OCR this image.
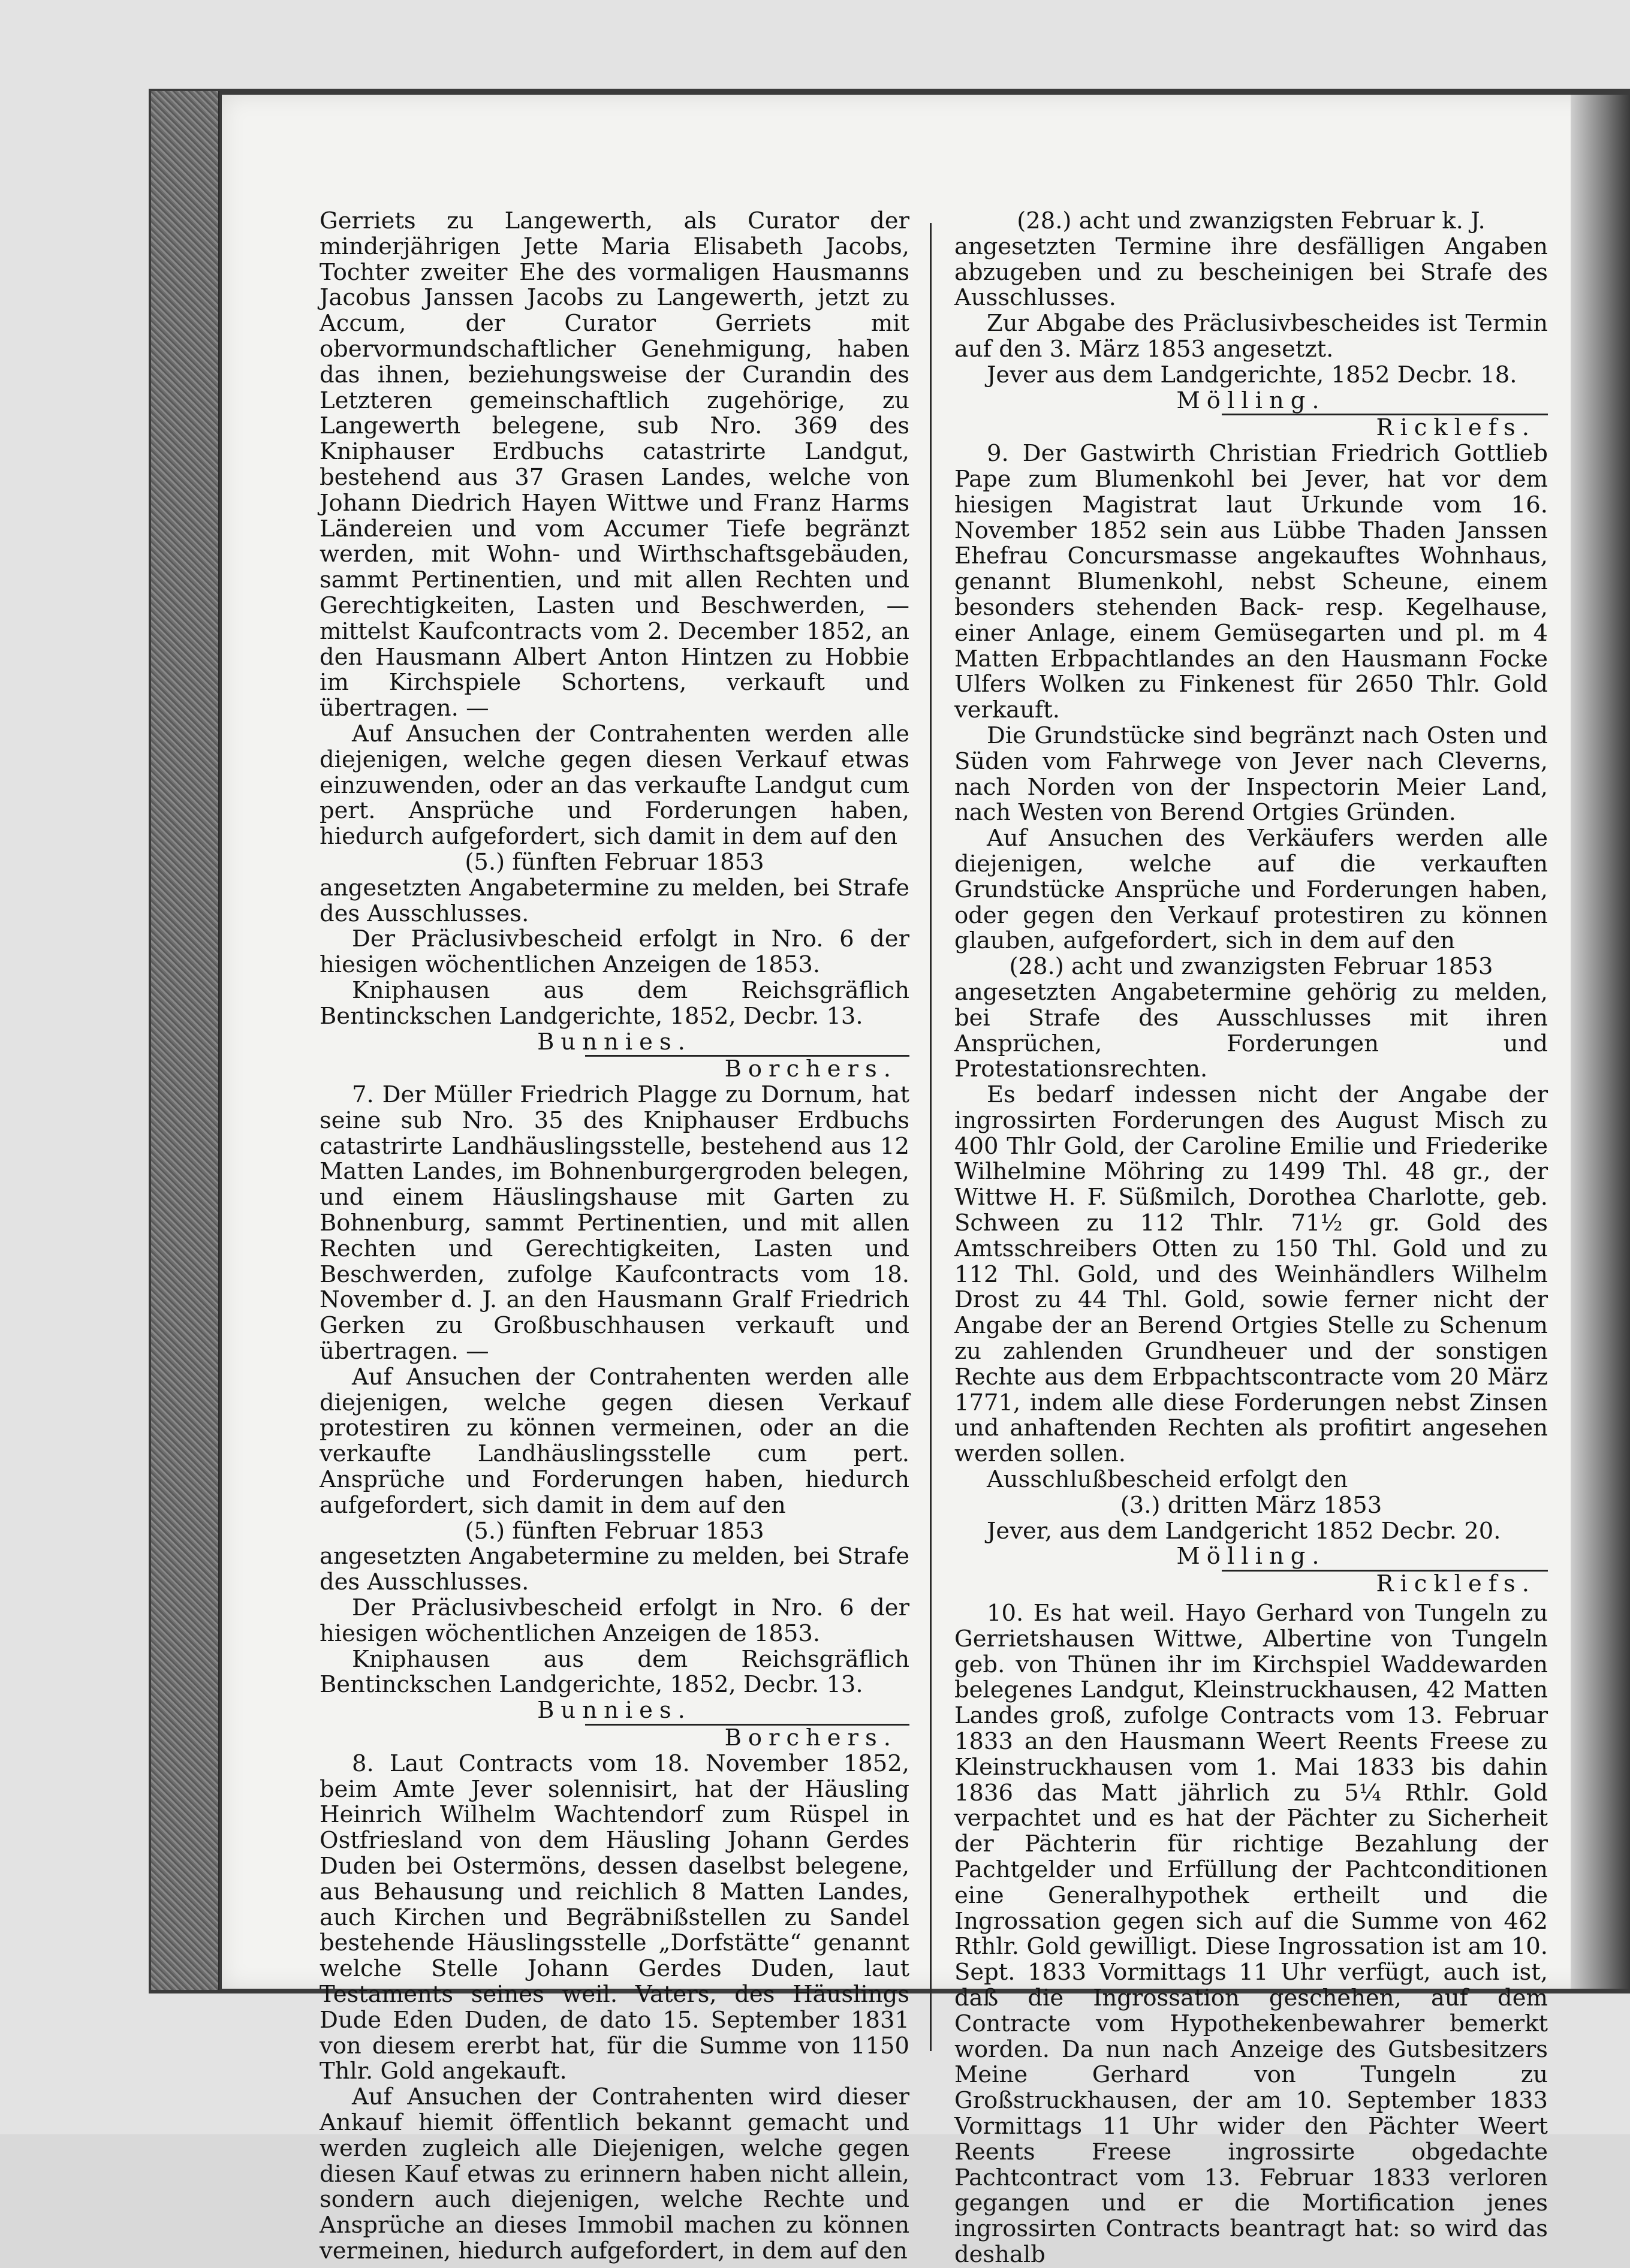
Gerriets zu Langewerth, als Curator der minderjährigen Jette Maria Elisabeth Jacobs, Tochter zweiter Ehe des vormaligen Hausmanns Jacobus Janssen Jacobs zu Langewerth, jetzt zu Accum, der Curator Gerriets mit obervormundschaftlicher Genehmigung, haben das ihnen, beziehungsweise der Curandin des Letzteren gemeinschaftlich zugehörige, zu Langewerth belegene, sub Nro. 369 des Kniphauser Erdbuchs catastrirte Landgut, bestehend aus 37 Grasen Landes, welche von Johann Diedrich Hayen Wittwe und Franz Harms Ländereien und vom Accumer Tiefe begränzt werden, mit Wohn- und Wirthschaftsgebäuden, sammt Pertinentien, und mit allen Rechten und Gerechtigkeiten, Lasten und Beschwerden, — mittelst Kaufcontracts vom 2. December 1852, an den Hausmann Albert Anton Hintzen zu Hobbie im Kirchspiele Schortens, verkauft und übertragen. —

Auf Ansuchen der Contrahenten werden alle diejenigen, welche gegen diesen Verkauf etwas einzuwenden, oder an das verkaufte Landgut cum pert. Ansprüche und Forderungen haben, hiedurch aufgefordert, sich damit in dem auf den

(5.) fünften Februar 1853

angesetzten Angabetermine zu melden, bei Strafe des Ausschlusses.

Der Präclusivbescheid erfolgt in Nro. 6 der hiesigen wöchentlichen Anzeigen de 1853.

Kniphausen aus dem Reichsgräflich Bentinckschen Landgerichte, 1852, Decbr. 13.

Bunnies.

Borchers.

7. Der Müller Friedrich Plagge zu Dornum, hat seine sub Nro. 35 des Kniphauser Erdbuchs catastrirte Landhäuslingsstelle, bestehend aus 12 Matten Landes, im Bohnenburgergroden belegen, und einem Häuslingshause mit Garten zu Bohnenburg, sammt Pertinentien, und mit allen Rechten und Gerechtigkeiten, Lasten und Beschwerden, zufolge Kaufcontracts vom 18. November d. J. an den Hausmann Gralf Friedrich Gerken zu Großbuschhausen verkauft und übertragen. —

Auf Ansuchen der Contrahenten werden alle diejenigen, welche gegen diesen Verkauf protestiren zu können vermeinen, oder an die verkaufte Landhäuslingsstelle cum pert. Ansprüche und Forderungen haben, hiedurch aufgefordert, sich damit in dem auf den

(5.) fünften Februar 1853

angesetzten Angabetermine zu melden, bei Strafe des Ausschlusses.

Der Präclusivbescheid erfolgt in Nro. 6 der hiesigen wöchentlichen Anzeigen de 1853.

Kniphausen aus dem Reichsgräflich Bentinckschen Landgerichte, 1852, Decbr. 13.

Bunnies.

Borchers.

8. Laut Contracts vom 18. November 1852, beim Amte Jever solennisirt, hat der Häusling Heinrich Wilhelm Wachtendorf zum Rüspel in Ostfriesland von dem Häusling Johann Gerdes Duden bei Ostermöns, dessen daselbst belegene, aus Behausung und reichlich 8 Matten Landes, auch Kirchen und Begräbnißstellen zu Sandel bestehende Häuslingsstelle „Dorfstätte“ genannt welche Stelle Johann Gerdes Duden, laut Testaments seines weil. Vaters, des Häuslings Dude Eden Duden, de dato 15. September 1831 von diesem ererbt hat, für die Summe von 1150 Thlr. Gold angekauft.

Auf Ansuchen der Contrahenten wird dieser Ankauf hiemit öffentlich bekannt gemacht und werden zugleich alle Diejenigen, welche gegen diesen Kauf etwas zu erinnern haben nicht allein, sondern auch diejenigen, welche Rechte und Ansprüche an dieses Immobil machen zu können vermeinen, hiedurch aufgefordert, in dem auf den

(28.) acht und zwanzigsten Februar k. J.

angesetzten Termine ihre desfälligen Angaben abzugeben und zu bescheinigen bei Strafe des Ausschlusses.

Zur Abgabe des Präclusivbescheides ist Termin auf den 3. März 1853 angesetzt.

Jever aus dem Landgerichte, 1852 Decbr. 18.

Mölling.

Ricklefs.

9. Der Gastwirth Christian Friedrich Gottlieb Pape zum Blumenkohl bei Jever, hat vor dem hiesigen Magistrat laut Urkunde vom 16. November 1852 sein aus Lübbe Thaden Janssen Ehefrau Concursmasse angekauftes Wohnhaus, genannt Blumenkohl, nebst Scheune, einem besonders stehenden Back- resp. Kegelhause, einer Anlage, einem Gemüsegarten und pl. m 4 Matten Erbpachtlandes an den Hausmann Focke Ulfers Wolken zu Finkenest für 2650 Thlr. Gold verkauft.

Die Grundstücke sind begränzt nach Osten und Süden vom Fahrwege von Jever nach Cleverns, nach Norden von der Inspectorin Meier Land, nach Westen von Berend Ortgies Gründen.

Auf Ansuchen des Verkäufers werden alle diejenigen, welche auf die verkauften Grundstücke Ansprüche und Forderungen haben, oder gegen den Verkauf protestiren zu können glauben, aufgefordert, sich in dem auf den

(28.) acht und zwanzigsten Februar 1853

angesetzten Angabetermine gehörig zu melden, bei Strafe des Ausschlusses mit ihren Ansprüchen, Forderungen und Protestationsrechten.

Es bedarf indessen nicht der Angabe der ingrossirten Forderungen des August Misch zu 400 Thlr Gold, der Caroline Emilie und Friederike Wilhelmine Möhring zu 1499 Thl. 48 gr., der Wittwe H. F. Süßmilch, Dorothea Charlotte, geb. Schween zu 112 Thlr. 71½ gr. Gold des Amtsschreibers Otten zu 150 Thl. Gold und zu 112 Thl. Gold, und des Weinhändlers Wilhelm Drost zu 44 Thl. Gold, sowie ferner nicht der Angabe der an Berend Ortgies Stelle zu Schenum zu zahlenden Grundheuer und der sonstigen Rechte aus dem Erbpachtscontracte vom 20 März 1771, indem alle diese Forderungen nebst Zinsen und anhaftenden Rechten als profitirt angesehen werden sollen.

Ausschlußbescheid erfolgt den

(3.) dritten März 1853

Jever, aus dem Landgericht 1852 Decbr. 20.

Mölling.

Ricklefs.

10. Es hat weil. Hayo Gerhard von Tungeln zu Gerrietshausen Wittwe, Albertine von Tungeln geb. von Thünen ihr im Kirchspiel Waddewarden belegenes Landgut, Kleinstruckhausen, 42 Matten Landes groß, zufolge Contracts vom 13. Februar 1833 an den Hausmann Weert Reents Freese zu Kleinstruckhausen vom 1. Mai 1833 bis dahin 1836 das Matt jährlich zu 5¼ Rthlr. Gold verpachtet und es hat der Pächter zu Sicherheit der Pächterin für richtige Bezahlung der Pachtgelder und Erfüllung der Pachtconditionen eine Generalhypothek ertheilt und die Ingrossation gegen sich auf die Summe von 462 Rthlr. Gold gewilligt. Diese Ingrossation ist am 10. Sept. 1833 Vormittags 11 Uhr verfügt, auch ist, daß die Ingrossation geschehen, auf dem Contracte vom Hypothekenbewahrer bemerkt worden. Da nun nach Anzeige des Gutsbesitzers Meine Gerhard von Tungeln zu Großstruckhausen, der am 10. September 1833 Vormittags 11 Uhr wider den Pächter Weert Reents Freese ingrossirte obgedachte Pachtcontract vom 13. Februar 1833 verloren gegangen und er die Mortification jenes ingrossirten Contracts beantragt hat: so wird das deshalb
